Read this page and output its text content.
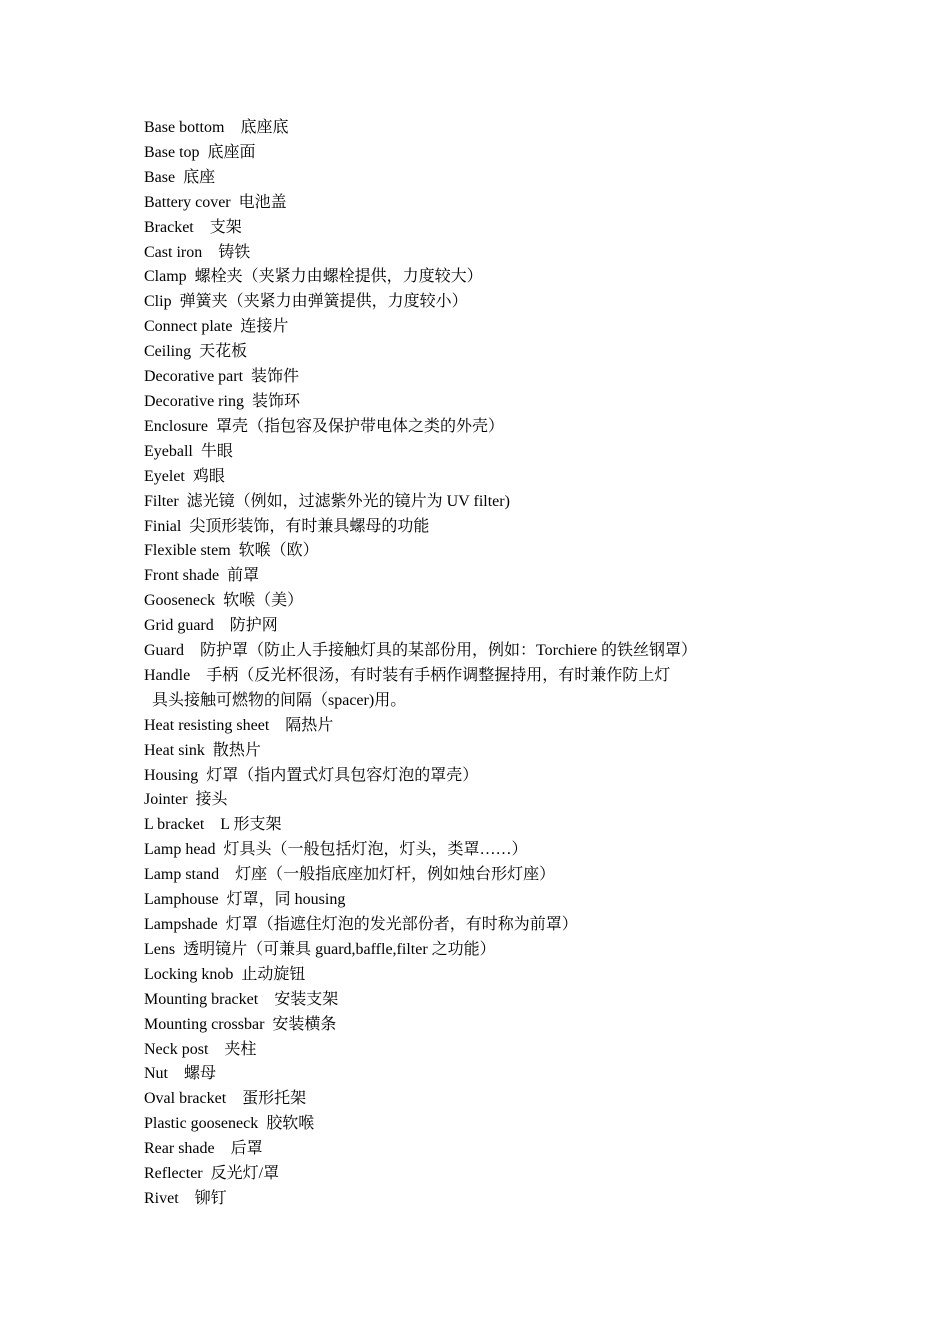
Base bottom    底座底
Base top  底座面
Base  底座
Battery cover  电池盖
Bracket    支架
Cast iron    铸铁
Clamp  螺栓夹（夹紧力由螺栓提供，力度较大）
Clip  弹簧夹（夹紧力由弹簧提供，力度较小）
Connect plate  连接片
Ceiling  天花板
Decorative part  装饰件
Decorative ring  装饰环
Enclosure  罩壳（指包容及保护带电体之类的外壳）
Eyeball  牛眼
Eyelet  鸡眼
Filter  滤光镜（例如，过滤紫外光的镜片为 UV filter)
Finial  尖顶形装饰，有时兼具螺母的功能
Flexible stem  软喉（欧）
Front shade  前罩
Gooseneck  软喉（美）
Grid guard    防护网
Guard    防护罩（防止人手接触灯具的某部份用，例如：Torchiere 的铁丝钢罩）
Handle    手柄（反光杯很汤，有时装有手柄作调整握持用，有时兼作防上灯
具头接触可燃物的间隔（spacer)用。
Heat resisting sheet    隔热片
Heat sink  散热片
Housing  灯罩（指内置式灯具包容灯泡的罩壳）
Jointer  接头
L bracket    L 形支架
Lamp head  灯具头（一般包括灯泡，灯头，类罩……）
Lamp stand    灯座（一般指底座加灯杆，例如烛台形灯座）
Lamphouse  灯罩，同 housing
Lampshade  灯罩（指遮住灯泡的发光部份者，有时称为前罩）
Lens  透明镜片（可兼具 guard,baffle,filter 之功能）
Locking knob  止动旋钮
Mounting bracket    安装支架
Mounting crossbar  安装横条
Neck post    夹柱
Nut    螺母
Oval bracket    蛋形托架
Plastic gooseneck  胶软喉
Rear shade    后罩
Reflecter  反光灯/罩
Rivet    铆钉
